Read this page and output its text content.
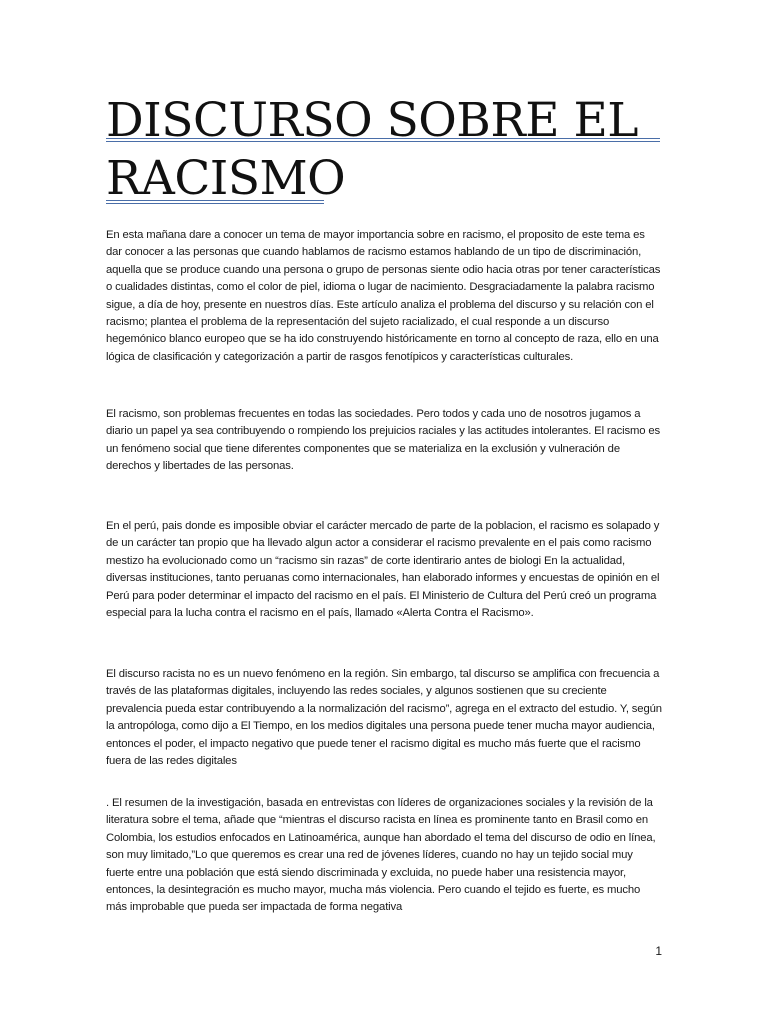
DISCURSO SOBRE EL RACISMO

En esta mañana dare a conocer un tema de mayor importancia sobre en racismo, el proposito de este tema es dar conocer a las personas que cuando hablamos de racismo estamos hablando de un tipo de discriminación, aquella que se produce cuando una persona o grupo de personas siente odio hacia otras por tener características o cualidades distintas, como el color de piel, idioma o lugar de nacimiento. Desgraciadamente la palabra racismo sigue, a día de hoy, presente en nuestros días. Este artículo analiza el problema del discurso y su relación con el racismo; plantea el problema de la representación del sujeto racializado, el cual responde a un discurso hegemónico blanco europeo que se ha ido construyendo históricamente en torno al concepto de raza, ello en una lógica de clasificación y categorización a partir de rasgos fenotípicos y características culturales.

El racismo, son problemas frecuentes en todas las sociedades. Pero todos y cada uno de nosotros jugamos a diario un papel ya sea contribuyendo o rompiendo los prejuicios raciales y las actitudes intolerantes. El racismo es un fenómeno social que tiene diferentes componentes que se materializa en la exclusión y vulneración de derechos y libertades de las personas.

En el perú, pais donde es imposible obviar el carácter mercado de parte de la poblacion, el racismo es solapado y de un carácter tan propio que ha llevado algun actor a considerar el racismo prevalente en el pais como racismo mestizo ha evolucionado como un “racismo sin razas” de corte identirario antes de biologi En la actualidad, diversas instituciones, tanto peruanas como internacionales, han elaborado informes y encuestas de opinión en el Perú para poder determinar el impacto del racismo en el país. El Ministerio de Cultura del Perú creó un programa especial para la lucha contra el racismo en el país, llamado «Alerta Contra el Racismo».

El discurso racista no es un nuevo fenómeno en la región. Sin embargo, tal discurso se amplifica con frecuencia a través de las plataformas digitales, incluyendo las redes sociales, y algunos sostienen que su creciente prevalencia pueda estar contribuyendo a la normalización del racismo”, agrega en el extracto del estudio. Y, según la antropóloga, como dijo a El Tiempo, en los medios digitales una persona puede tener mucha mayor audiencia, entonces el poder, el impacto negativo que puede tener el racismo digital es mucho más fuerte que el racismo fuera de las redes digitales

. El resumen de la investigación, basada en entrevistas con líderes de organizaciones sociales y la revisión de la literatura sobre el tema, añade que “mientras el discurso racista en línea es prominente tanto en Brasil como en Colombia, los estudios enfocados en Latinoamérica, aunque han abordado el tema del discurso de odio en línea, son muy limitado,”Lo que queremos es crear una red de jóvenes líderes, cuando no hay un tejido social muy fuerte entre una población que está siendo discriminada y excluida, no puede haber una resistencia mayor, entonces, la desintegración es mucho mayor, mucha más violencia. Pero cuando el tejido es fuerte, es mucho más improbable que pueda ser impactada de forma negativa

1
